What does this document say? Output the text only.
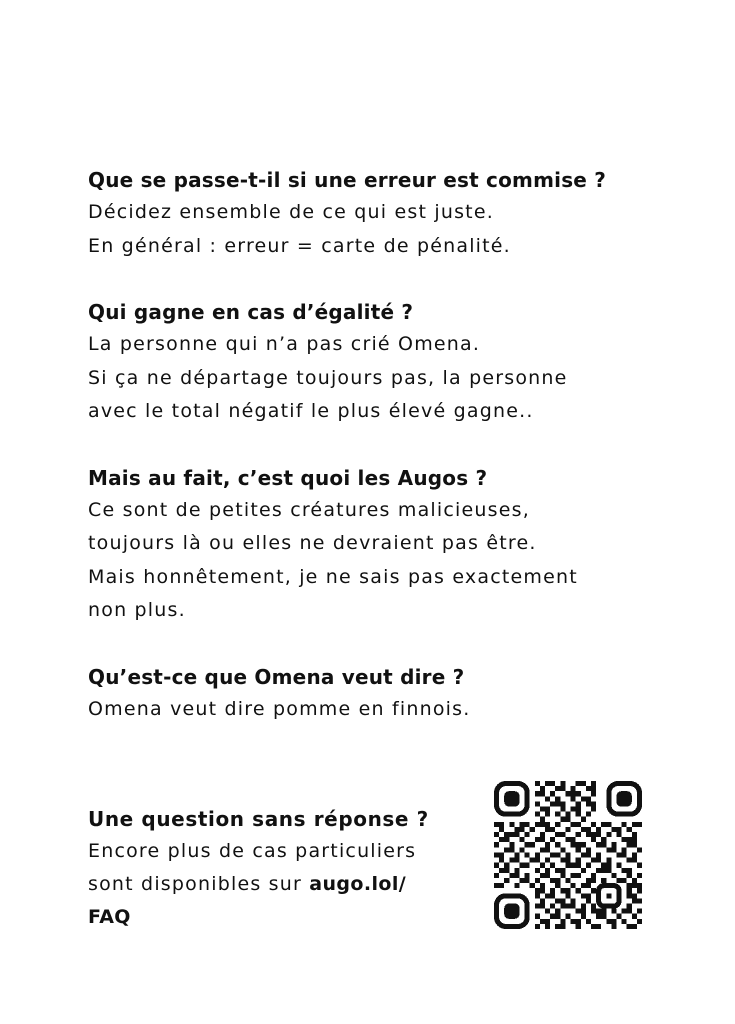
Que se passe-t-il si une erreur est commise ?

Décidez ensemble de ce qui est juste.

En général : erreur = carte de pénalité.

Qui gagne en cas d’égalité ?

La personne qui n’a pas crié Omena.

Si ça ne départage toujours pas, la personne

avec le total négatif le plus élevé gagne..

Mais au fait, c’est quoi les Augos ?

Ce sont de petites créatures malicieuses,

toujours là ou elles ne devraient pas être.

Mais honnêtement, je ne sais pas exactement

non plus.

Qu’est-ce que Omena veut dire ?

Omena veut dire pomme en finnois.

Une question sans réponse ?

Encore plus de cas particuliers

sont disponibles sur augo.lol/

FAQ
